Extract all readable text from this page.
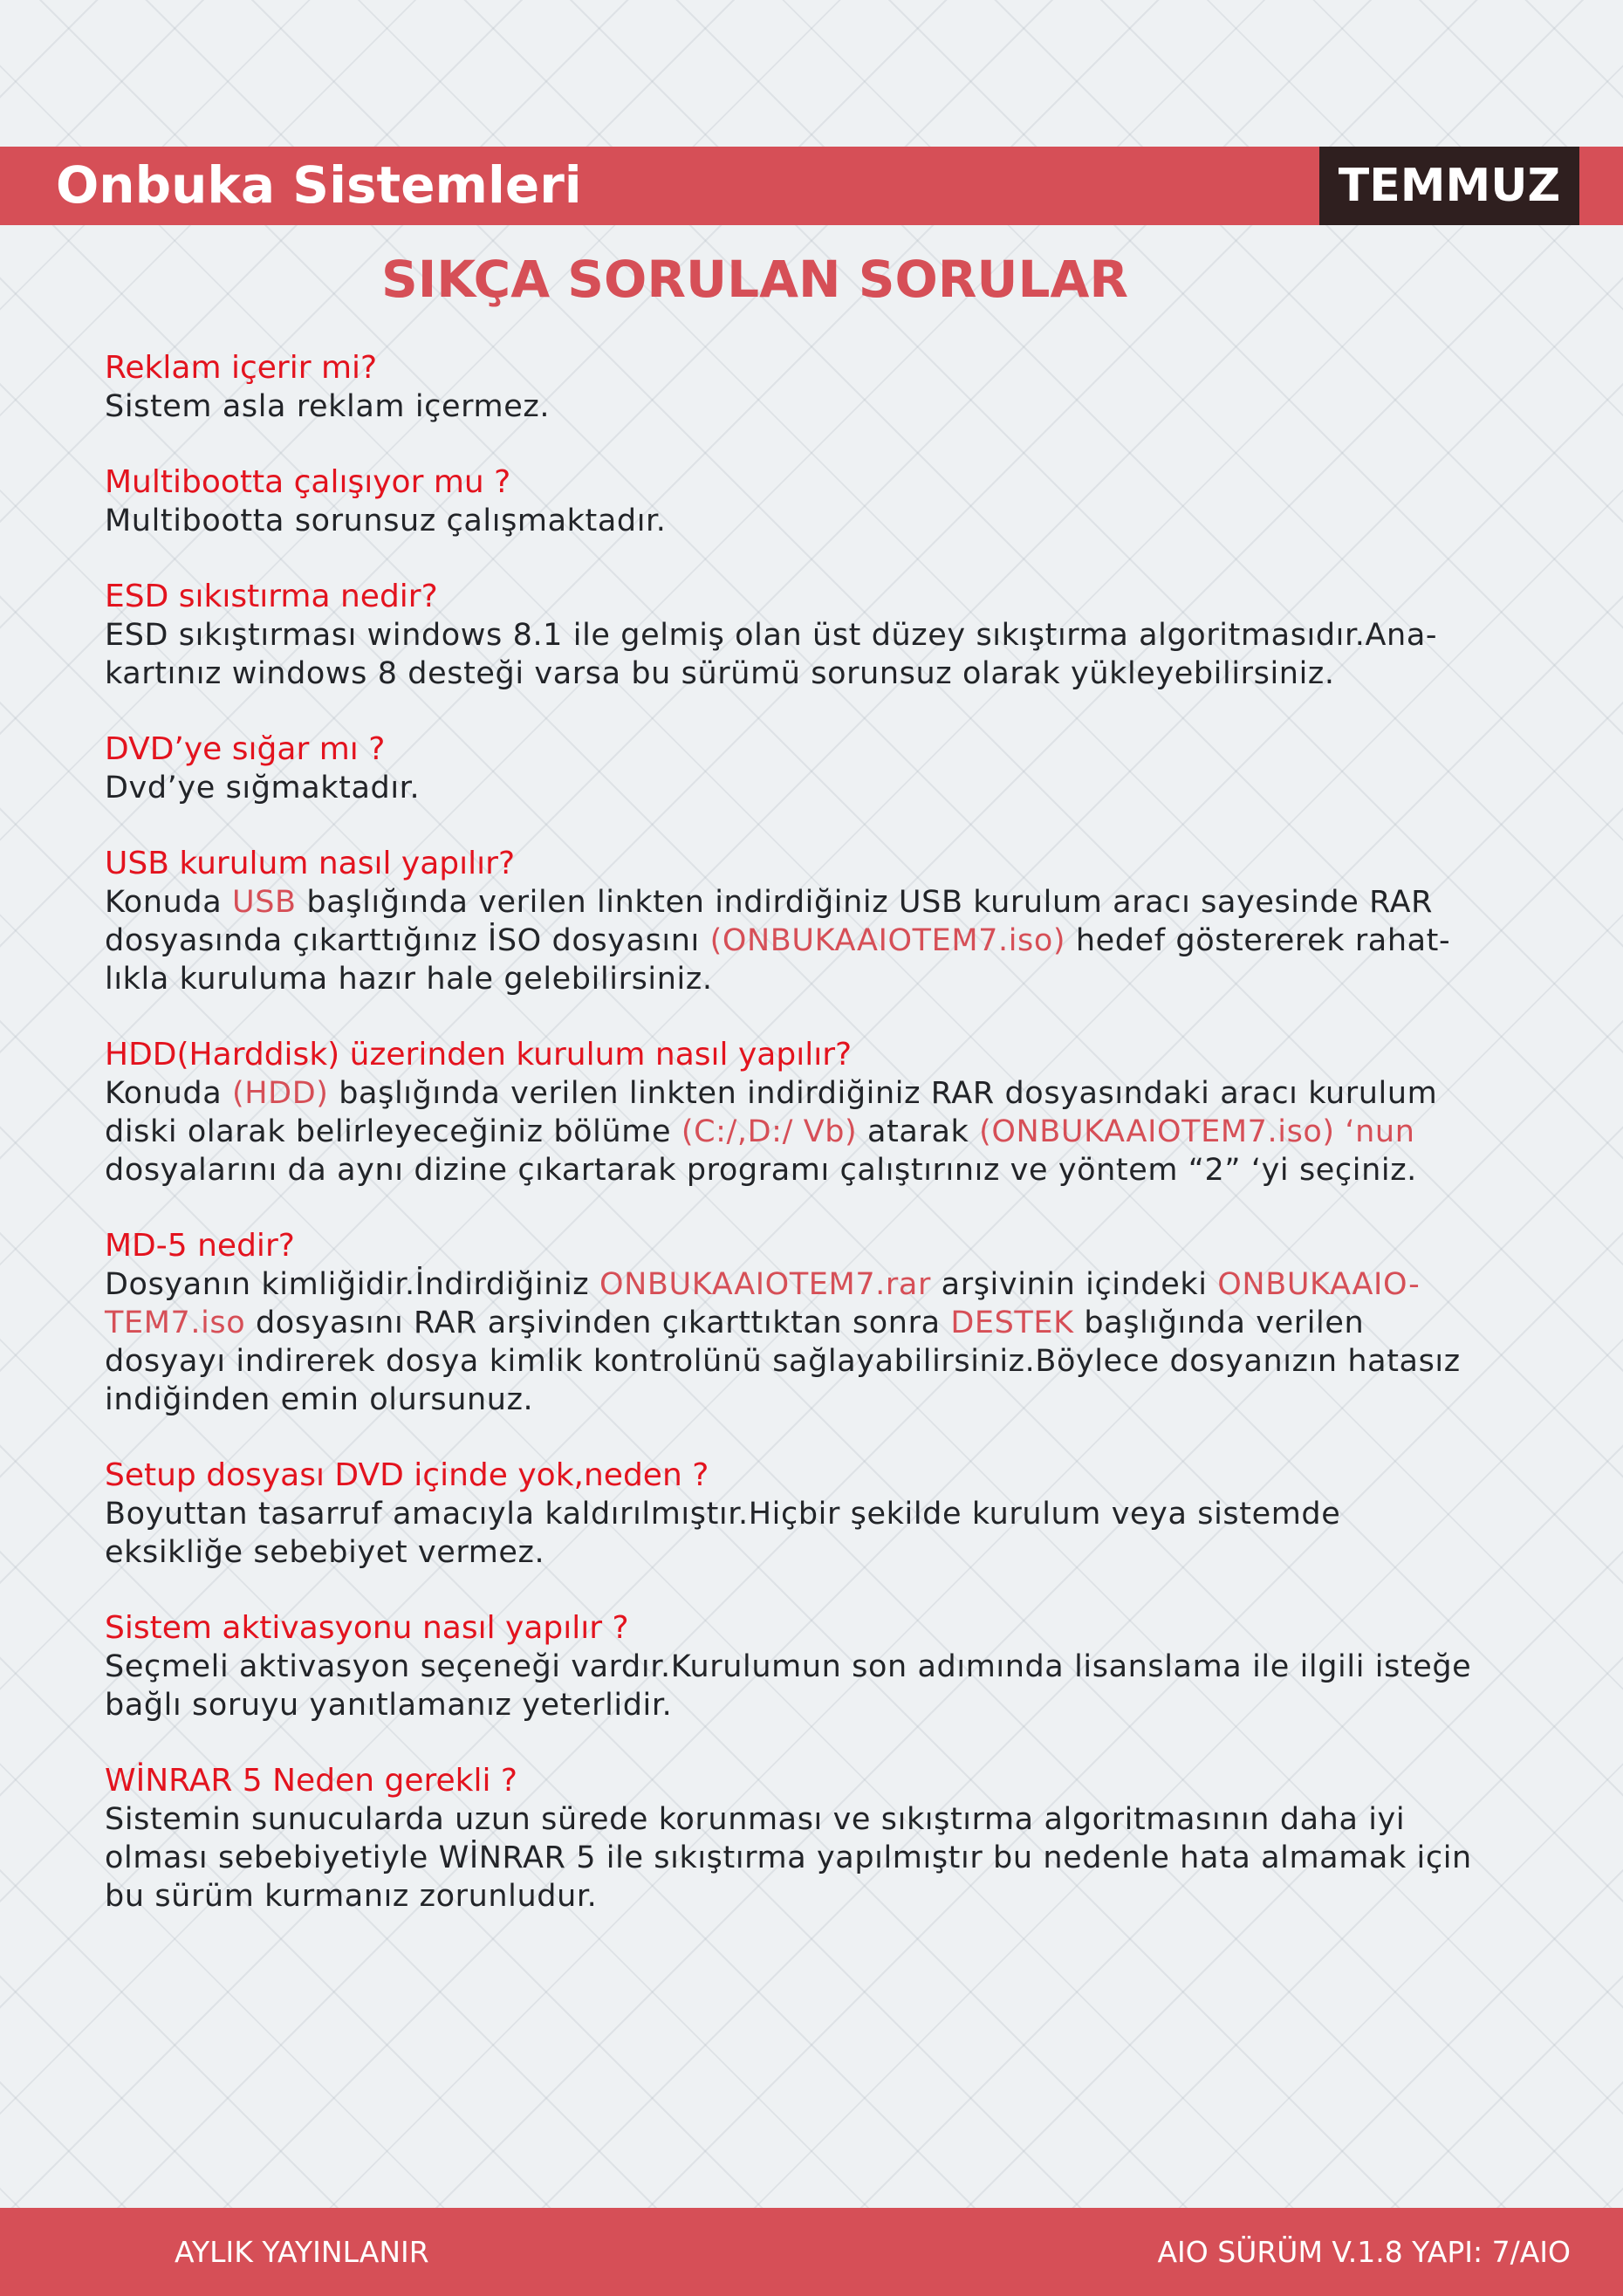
Onbuka Sistemleri	TEMMUZ
SIKÇA SORULAN SORULAR
Reklam içerir mi?
Sistem asla reklam içermez.
Multibootta çalışıyor mu ?
Multibootta sorunsuz çalışmaktadır.
ESD sıkıstırma nedir?
ESD sıkıştırması windows 8.1 ile gelmiş olan üst düzey sıkıştırma algoritmasıdır.Ana-
kartınız windows 8 desteği varsa bu sürümü sorunsuz olarak yükleyebilirsiniz.
DVD’ye sığar mı ?
Dvd’ye sığmaktadır.
USB kurulum nasıl yapılır?
Konuda USB başlığında verilen linkten indirdiğiniz USB kurulum aracı sayesinde RAR
dosyasında çıkarttığınız İSO dosyasını (ONBUKAAIOTEM7.iso) hedef göstererek rahat-
lıkla kuruluma hazır hale gelebilirsiniz.
HDD(Harddisk) üzerinden kurulum nasıl yapılır?
Konuda (HDD) başlığında verilen linkten indirdiğiniz RAR dosyasındaki aracı kurulum
diski olarak belirleyeceğiniz bölüme (C:/,D:/ Vb) atarak (ONBUKAAIOTEM7.iso) ‘nun
dosyalarını da aynı dizine çıkartarak programı çalıştırınız ve yöntem “2” ‘yi seçiniz.
MD-5 nedir?
Dosyanın kimliğidir.İndirdiğiniz ONBUKAAIOTEM7.rar arşivinin içindeki ONBUKAAIO-
TEM7.iso dosyasını RAR arşivinden çıkarttıktan sonra DESTEK başlığında verilen
dosyayı indirerek dosya kimlik kontrolünü sağlayabilirsiniz.Böylece dosyanızın hatasız
indiğinden emin olursunuz.
Setup dosyası DVD içinde yok,neden ?
Boyuttan tasarruf amacıyla kaldırılmıştır.Hiçbir şekilde kurulum veya sistemde
eksikliğe sebebiyet vermez.
Sistem aktivasyonu nasıl yapılır ?
Seçmeli aktivasyon seçeneği vardır.Kurulumun son adımında lisanslama ile ilgili isteğe
bağlı soruyu yanıtlamanız yeterlidir.
WİNRAR 5 Neden gerekli ?
Sistemin sunucularda uzun sürede korunması ve sıkıştırma algoritmasının daha iyi
olması sebebiyetiyle WİNRAR 5 ile sıkıştırma yapılmıştır bu nedenle hata almamak için
bu sürüm kurmanız zorunludur.
AYLIK YAYINLANIR	AIO SÜRÜM V.1.8 YAPI: 7/AIO
